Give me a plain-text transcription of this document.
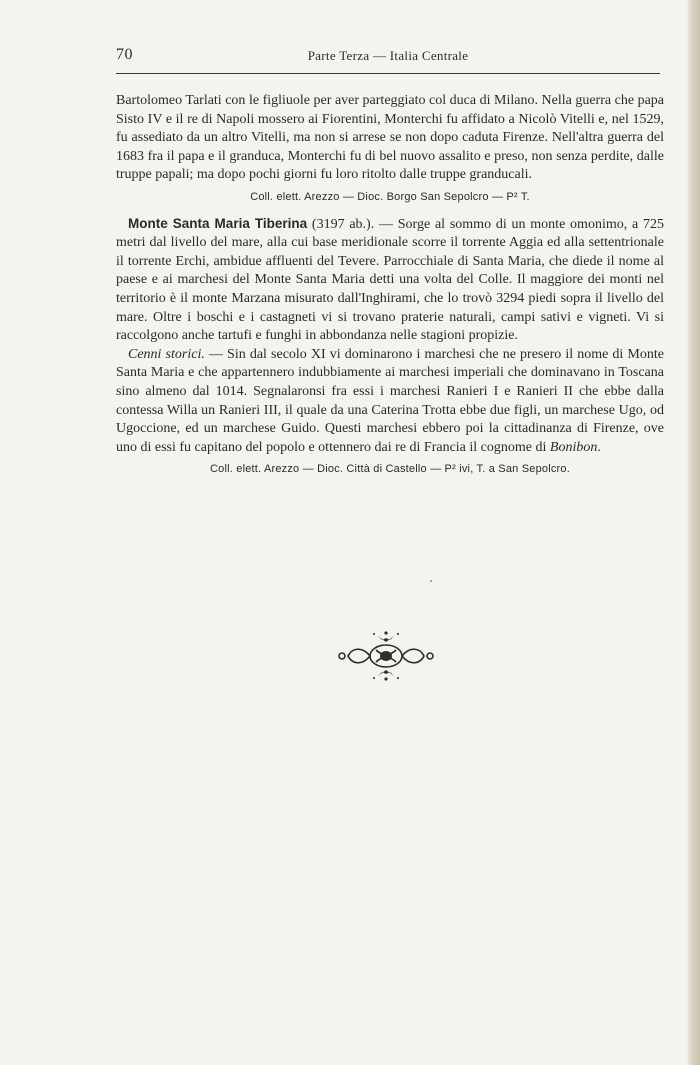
70	Parte Terza — Italia Centrale

Bartolomeo Tarlati con le figliuole per aver parteggiato col duca di Milano. Nella guerra che papa Sisto IV e il re di Napoli mossero ai Fiorentini, Monterchi fu affidato a Nicolò Vitelli e, nel 1529, fu assediato da un altro Vitelli, ma non si arrese se non dopo caduta Firenze. Nell'altra guerra del 1683 fra il papa e il granduca, Monterchi fu di bel nuovo assalito e preso, non senza perdite, dalle truppe papali; ma dopo pochi giorni fu loro ritolto dalle truppe granducali.

Coll. elett. Arezzo — Dioc. Borgo San Sepolcro — P² T.

Monte Santa Maria Tiberina (3197 ab.). — Sorge al sommo di un monte omonimo, a 725 metri dal livello del mare, alla cui base meridionale scorre il torrente Aggia ed alla settentrionale il torrente Erchi, ambidue affluenti del Tevere. Parrocchiale di Santa Maria, che diede il nome al paese e ai marchesi del Monte Santa Maria detti una volta del Colle. Il maggiore dei monti nel territorio è il monte Marzana misurato dall'Inghirami, che lo trovò 3294 piedi sopra il livello del mare. Oltre i boschi e i castagneti vi si trovano praterie naturali, campi sativi e vigneti. Vi si raccolgono anche tartufi e funghi in abbondanza nelle stagioni propizie.

Cenni storici. — Sin dal secolo XI vi dominarono i marchesi che ne presero il nome di Monte Santa Maria e che appartennero indubbiamente ai marchesi imperiali che dominavano in Toscana sino almeno dal 1014. Segnalaronsi fra essi i marchesi Ranieri I e Ranieri II che ebbe dalla contessa Willa un Ranieri III, il quale da una Caterina Trotta ebbe due figli, un marchese Ugo, od Ugoccione, ed un marchese Guido. Questi marchesi ebbero poi la cittadinanza di Firenze, ove uno di essi fu capitano del popolo e ottennero dai re di Francia il cognome di Bonibon.

Coll. elett. Arezzo — Dioc. Città di Castello — P² ivi, T. a San Sepolcro.
